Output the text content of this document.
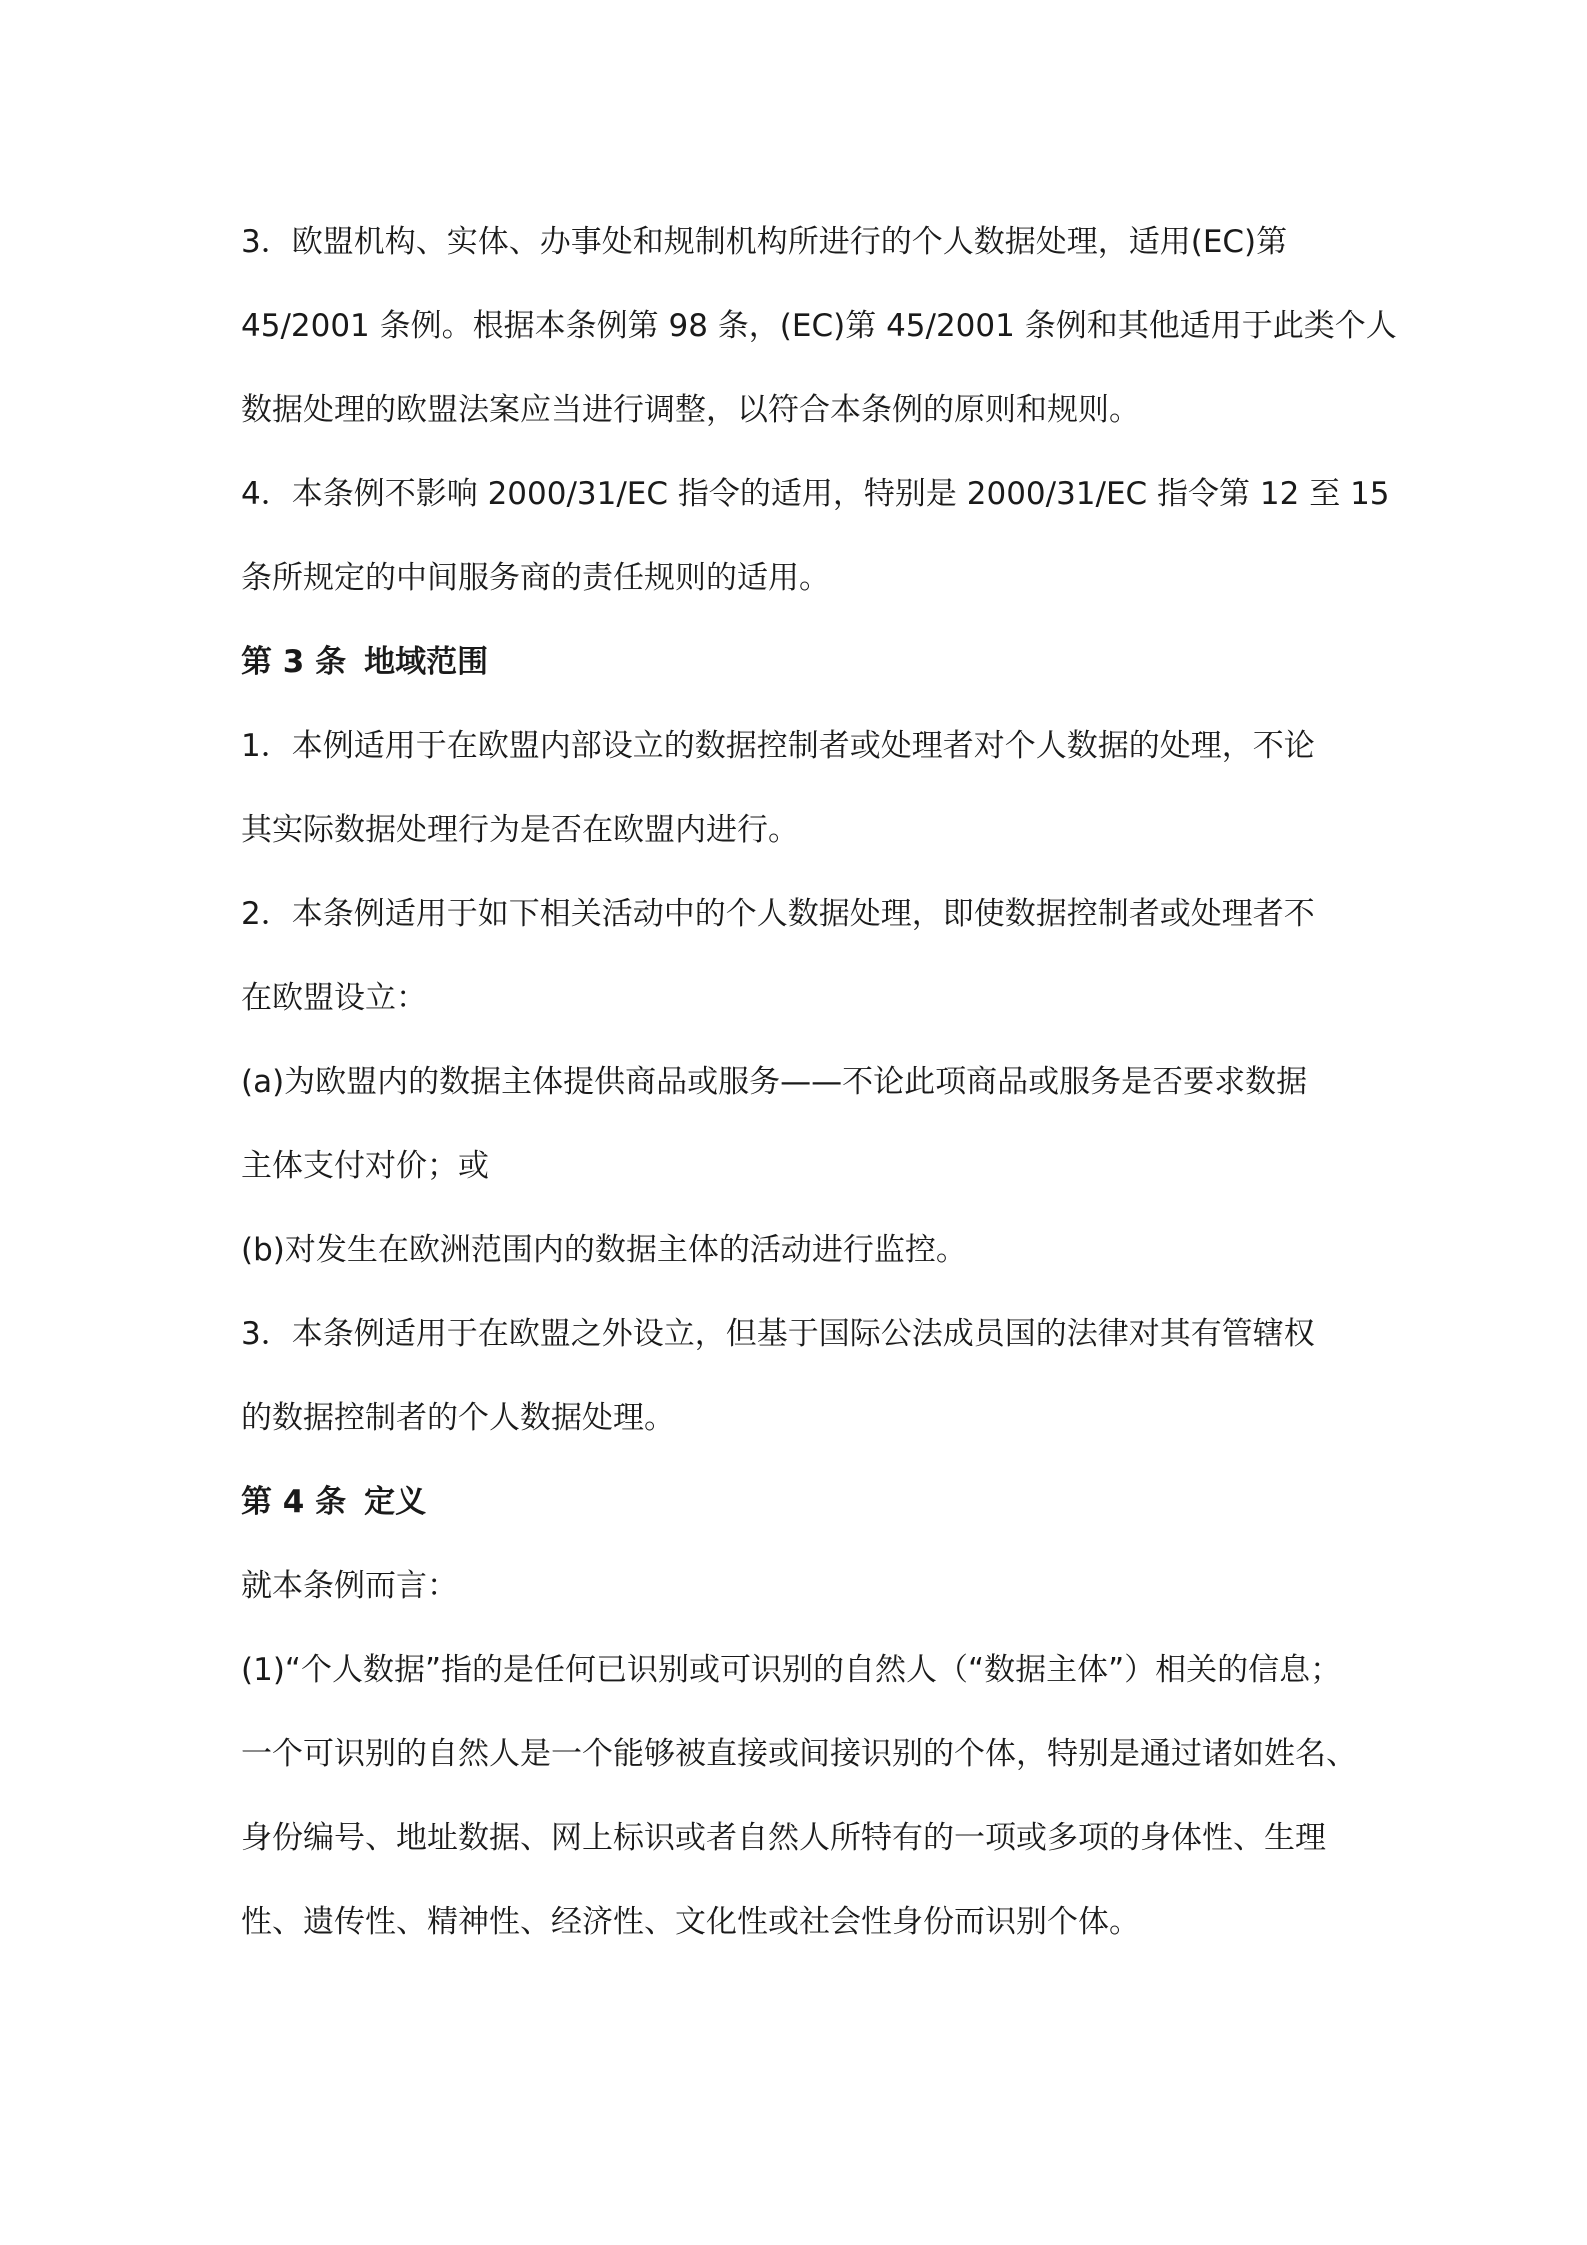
3．欧盟机构、实体、办事处和规制机构所进行的个人数据处理，适用(EC)第
45/2001 条例。根据本条例第 98 条，(EC)第 45/2001 条例和其他适用于此类个人
数据处理的欧盟法案应当进行调整，以符合本条例的原则和规则。
4．本条例不影响 2000/31/EC 指令的适用，特别是 2000/31/EC 指令第 12 至 15
条所规定的中间服务商的责任规则的适用。
第 3 条 地域范围
1．本例适用于在欧盟内部设立的数据控制者或处理者对个人数据的处理，不论
其实际数据处理行为是否在欧盟内进行。
2．本条例适用于如下相关活动中的个人数据处理，即使数据控制者或处理者不
在欧盟设立：
(a)为欧盟内的数据主体提供商品或服务——不论此项商品或服务是否要求数据
主体支付对价；或
(b)对发生在欧洲范围内的数据主体的活动进行监控。
3．本条例适用于在欧盟之外设立，但基于国际公法成员国的法律对其有管辖权
的数据控制者的个人数据处理。
第 4 条 定义
就本条例而言：
(1)“个人数据”指的是任何已识别或可识别的自然人（“数据主体”）相关的信息；
一个可识别的自然人是一个能够被直接或间接识别的个体，特别是通过诸如姓名、
身份编号、地址数据、网上标识或者自然人所特有的一项或多项的身体性、生理
性、遗传性、精神性、经济性、文化性或社会性身份而识别个体。
